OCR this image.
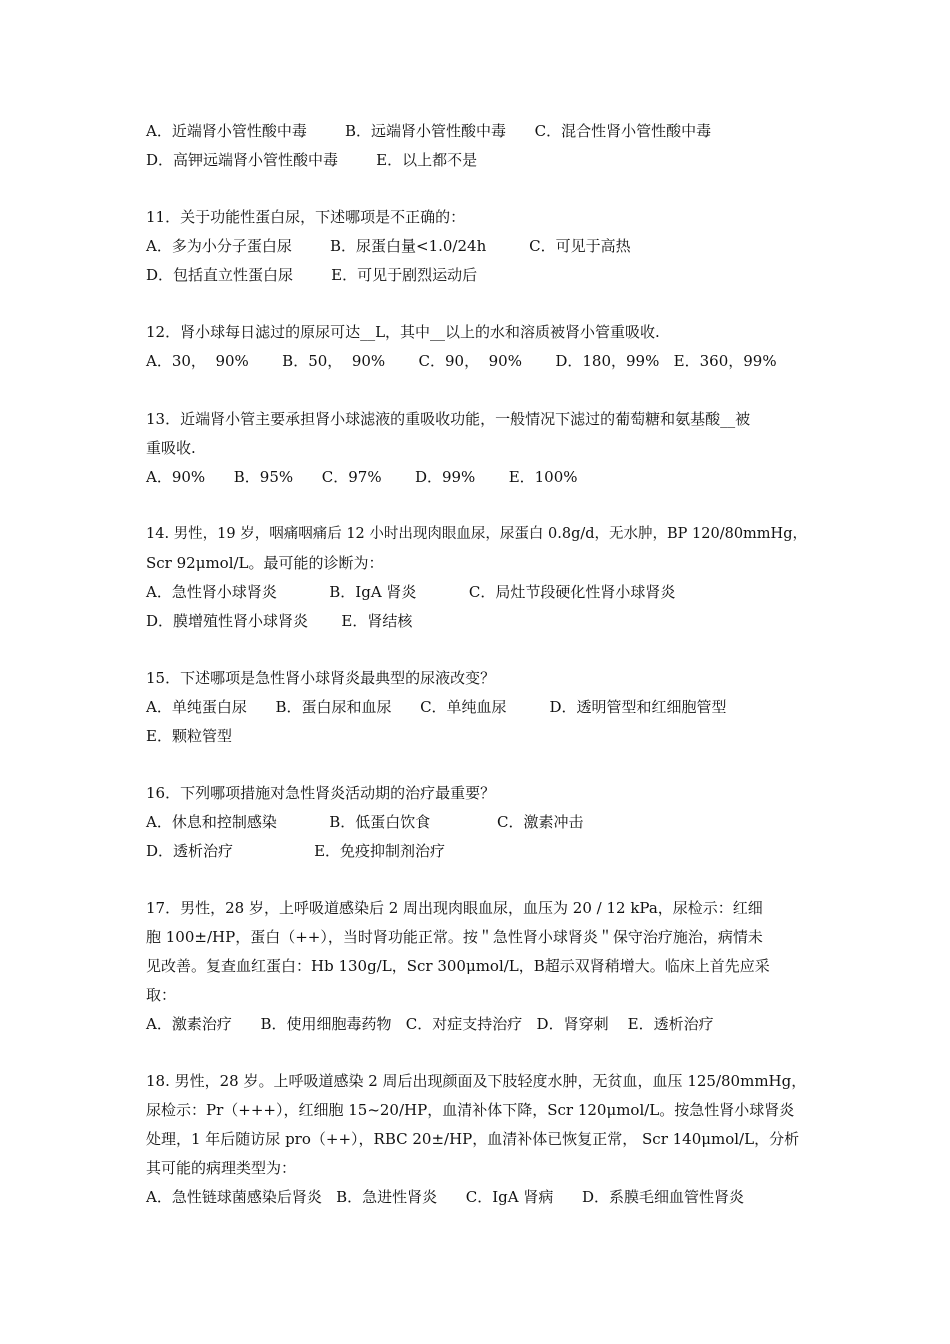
A．近端肾小管性酸中毒        B．远端肾小管性酸中毒      C．混合性肾小管性酸中毒
D．高钾远端肾小管性酸中毒        E．以上都不是
11．关于功能性蛋白尿，下述哪项是不正确的：
A．多为小分子蛋白尿        B．尿蛋白量<1.0/24h         C．可见于高热
D．包括直立性蛋白尿        E．可见于剧烈运动后
12．肾小球每日滤过的原尿可达__L，其中__以上的水和溶质被肾小管重吸收.
A．30，  90%       B．50，  90%       C．90，  90%       D．180，99%   E．360，99%
13．近端肾小管主要承担肾小球滤液的重吸收功能，一般情况下滤过的葡萄糖和氨基酸__被
重吸收.
A．90%      B．95%      C．97%       D．99%       E．100%
14. 男性，19 岁，咽痛咽痛后 12 小时出现肉眼血尿，尿蛋白 0.8g/d，无水肿，BP 120/80mmHg，
Scr 92μmol/L。最可能的诊断为：
A．急性肾小球肾炎           B．IgA 肾炎           C．局灶节段硬化性肾小球肾炎
D．膜增殖性肾小球肾炎       E．肾结核
15．下述哪项是急性肾小球肾炎最典型的尿液改变？
A．单纯蛋白尿      B．蛋白尿和血尿      C．单纯血尿         D．透明管型和红细胞管型
E．颗粒管型
16．下列哪项措施对急性肾炎活动期的治疗最重要？
A．休息和控制感染           B．低蛋白饮食              C．激素冲击
D．透析治疗                 E．免疫抑制剂治疗
17．男性，28 岁，上呼吸道感染后 2 周出现肉眼血尿，血压为 20 / 12 kPa，尿检示：红细
胞 100±/HP，蛋白（++），当时肾功能正常。按＂急性肾小球肾炎＂保守治疗施治，病情未
见改善。复查血红蛋白：Hb 130g/L，Scr 300μmol/L，B超示双肾稍增大。临床上首先应采
取：
A．激素治疗      B．使用细胞毒药物   C．对症支持治疗   D．肾穿刺    E．透析治疗
18. 男性，28 岁。上呼吸道感染 2 周后出现颜面及下肢轻度水肿，无贫血，血压 125/80mmHg，
尿检示：Pr（+++），红细胞 15~20/HP，血清补体下降，Scr 120μmol/L。按急性肾小球肾炎
处理，1 年后随访尿 pro（++），RBC 20±/HP，血清补体已恢复正常， Scr 140μmol/L，分析
其可能的病理类型为：
A．急性链球菌感染后肾炎   B．急进性肾炎      C．IgA 肾病      D．系膜毛细血管性肾炎
